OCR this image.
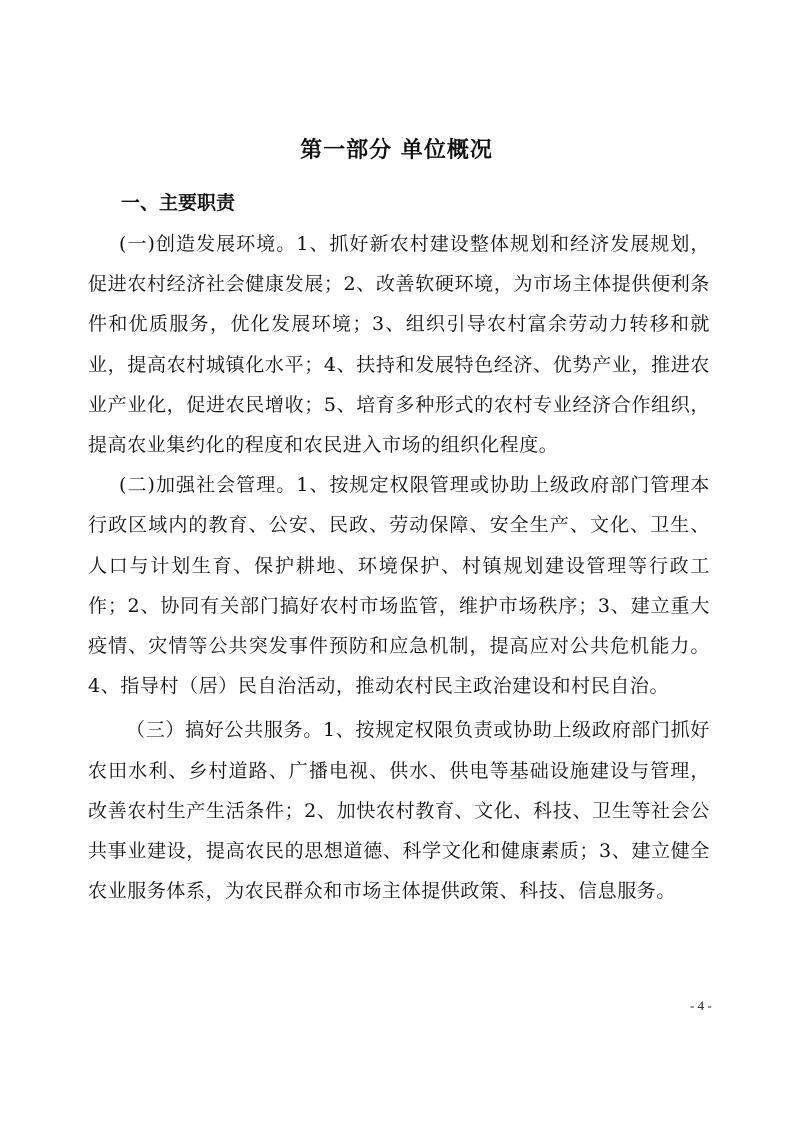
第一部分 单位概况
一、主要职责

(一)创造发展环境。1、抓好新农村建设整体规划和经济发展规划，促进农村经济社会健康发展；2、改善软硬环境，为市场主体提供便利条件和优质服务，优化发展环境；3、组织引导农村富余劳动力转移和就业，提高农村城镇化水平；4、扶持和发展特色经济、优势产业，推进农业产业化，促进农民增收；5、培育多种形式的农村专业经济合作组织，提高农业集约化的程度和农民进入市场的组织化程度。

(二)加强社会管理。1、按规定权限管理或协助上级政府部门管理本行政区域内的教育、公安、民政、劳动保障、安全生产、文化、卫生、人口与计划生育、保护耕地、环境保护、村镇规划建设管理等行政工作；2、协同有关部门搞好农村市场监管，维护市场秩序；3、建立重大疫情、灾情等公共突发事件预防和应急机制，提高应对公共危机能力。4、指导村（居）民自治活动，推动农村民主政治建设和村民自治。

（三）搞好公共服务。1、按规定权限负责或协助上级政府部门抓好农田水利、乡村道路、广播电视、供水、供电等基础设施建设与管理，改善农村生产生活条件；2、加快农村教育、文化、科技、卫生等社会公共事业建设，提高农民的思想道德、科学文化和健康素质；3、建立健全农业服务体系，为农民群众和市场主体提供政策、科技、信息服务。

- 4 -
